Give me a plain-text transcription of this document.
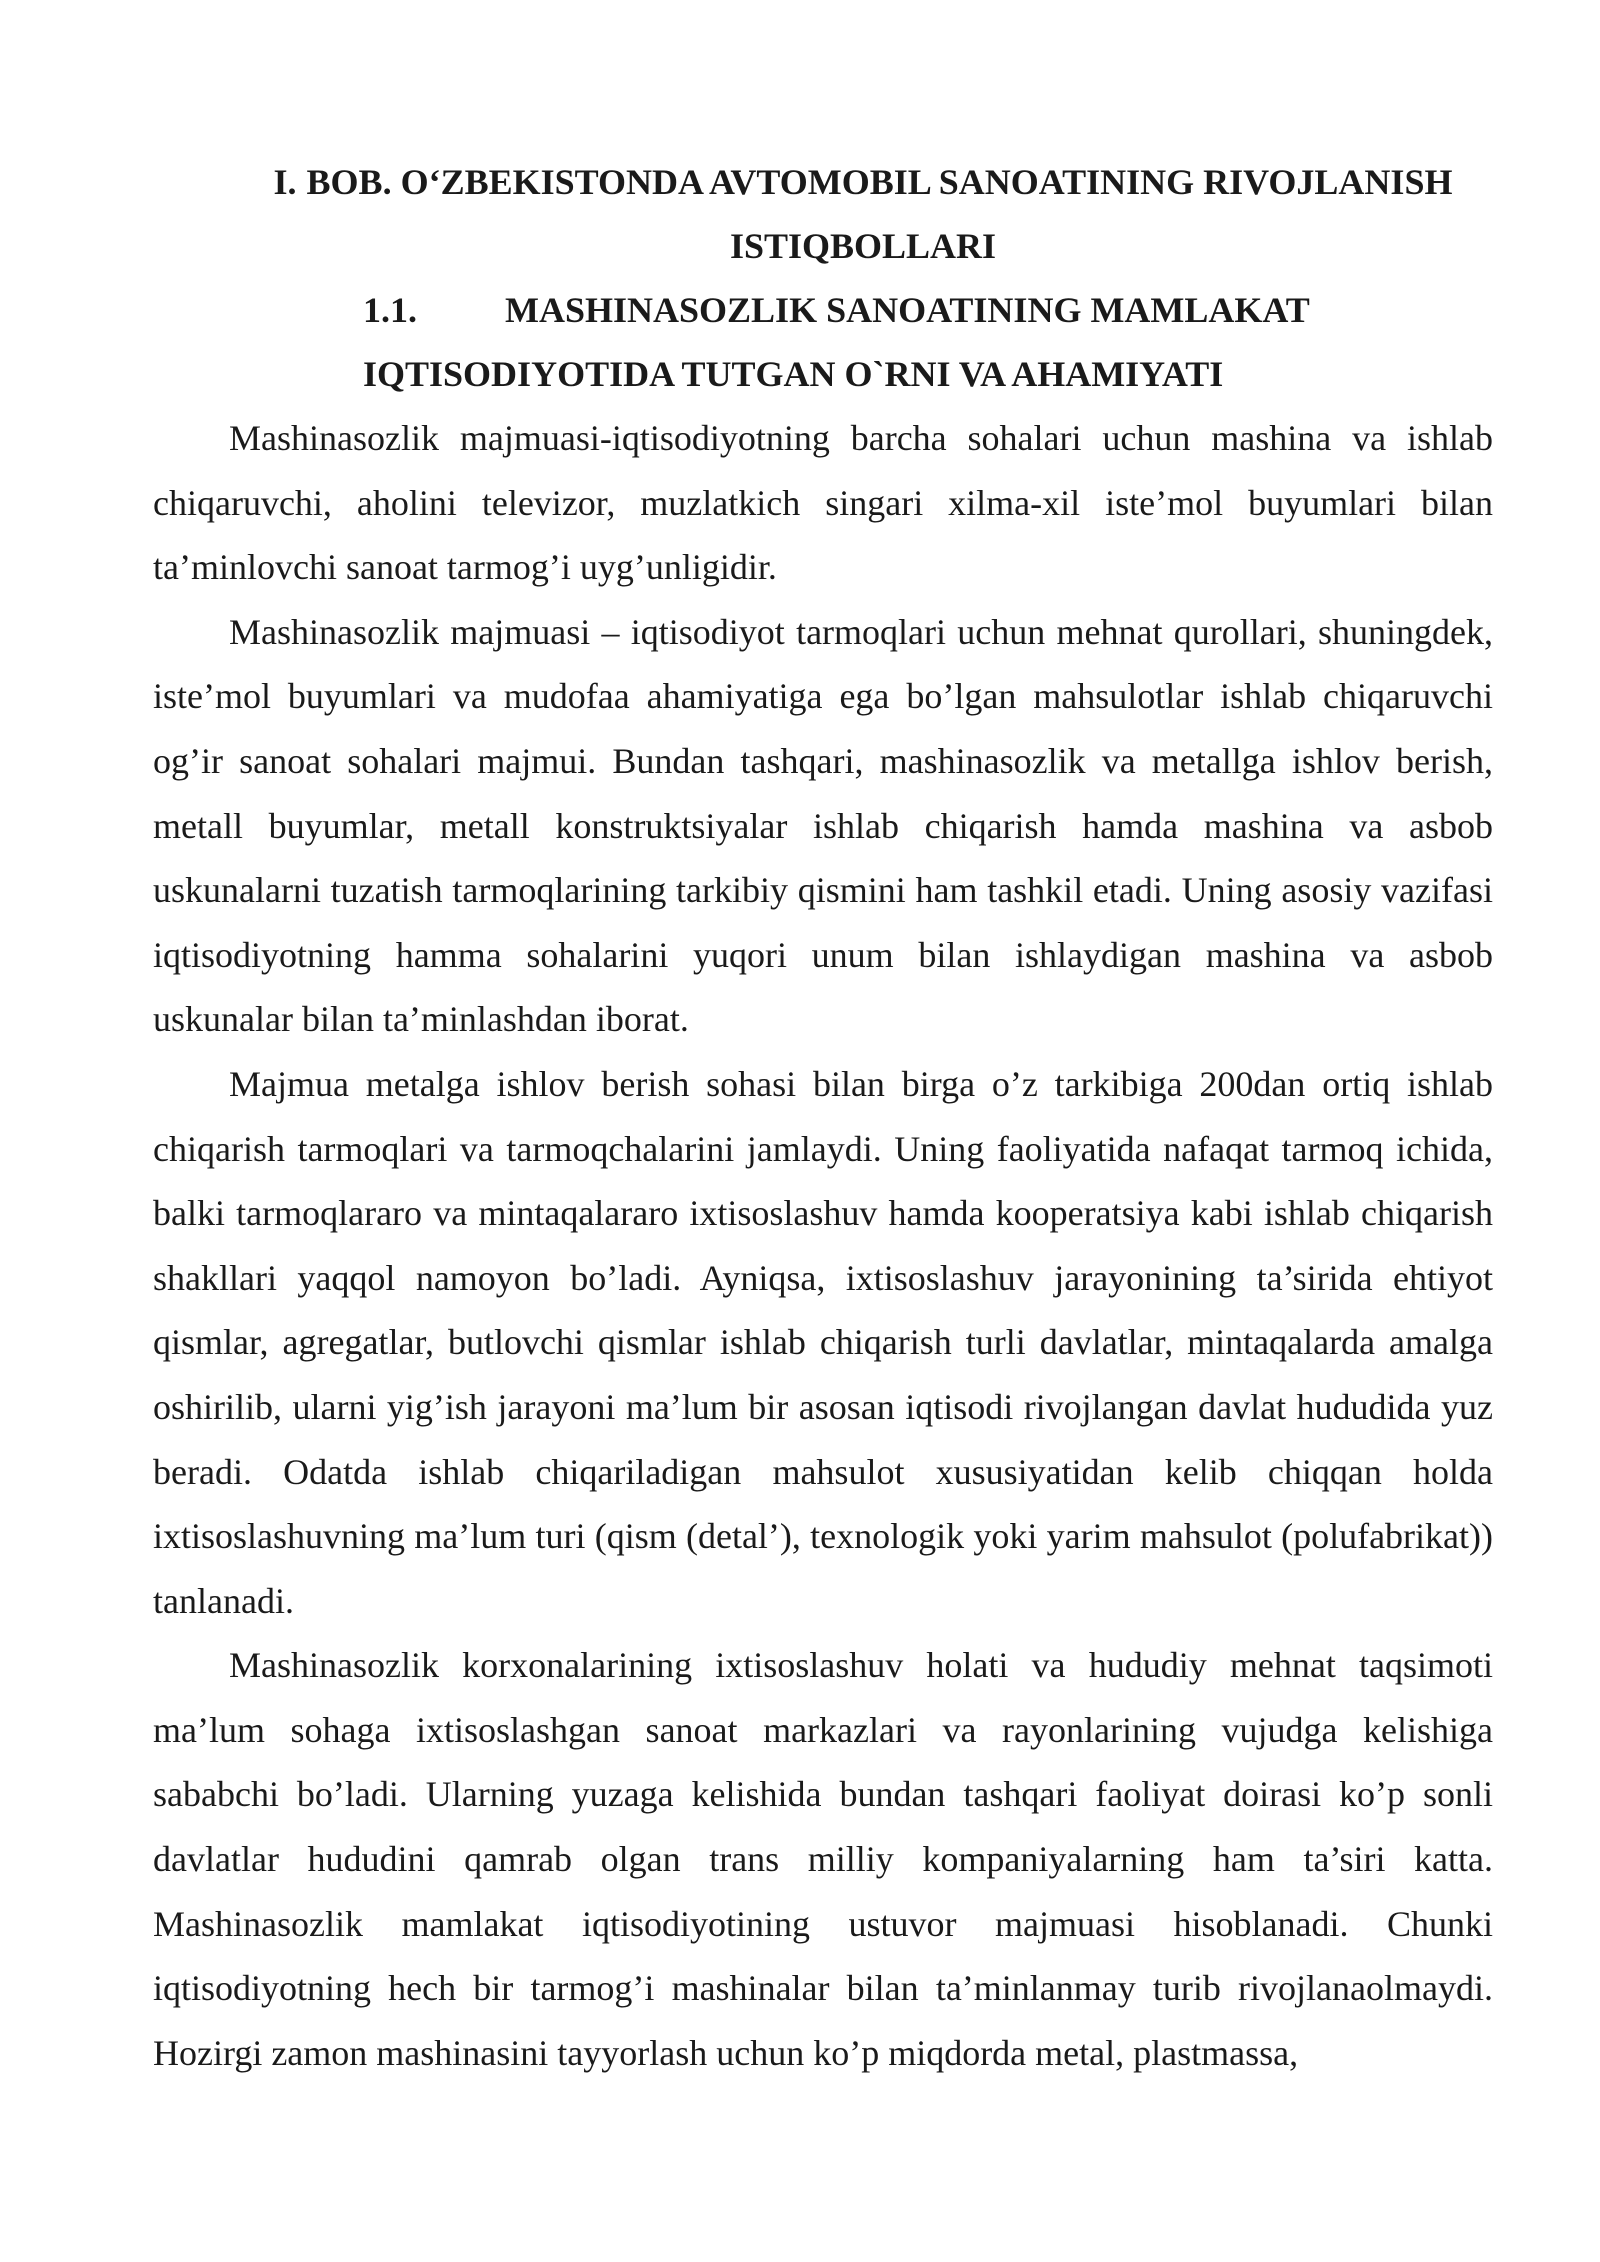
I. BOB. O‘ZBEKISTONDA AVTOMOBIL SANOATINING RIVOJLANISH ISTIQBOLLARI
1.1. MASHINASOZLIK SANOATINING MAMLAKAT
IQTISODIYOTIDA TUTGAN O`RNI VA AHAMIYATI

Mashinasozlik majmuasi-iqtisodiyotning barcha sohalari uchun mashina va ishlab chiqaruvchi, aholini televizor, muzlatkich singari xilma-xil iste’mol buyumlari bilan ta’minlovchi sanoat tarmog’i uyg’unligidir.

Mashinasozlik majmuasi – iqtisodiyot tarmoqlari uchun mehnat qurollari, shuningdek, iste’mol buyumlari va mudofaa ahamiyatiga ega bo’lgan mahsulotlar ishlab chiqaruvchi og’ir sanoat sohalari majmui. Bundan tashqari, mashinasozlik va metallga ishlov berish, metall buyumlar, metall konstruktsiyalar ishlab chiqarish hamda mashina va asbob uskunalarni tuzatish tarmoqlarining tarkibiy qismini ham tashkil etadi. Uning asosiy vazifasi iqtisodiyotning hamma sohalarini yuqori unum bilan ishlaydigan mashina va asbob uskunalar bilan ta’minlashdan iborat.

Majmua metalga ishlov berish sohasi bilan birga o’z tarkibiga 200dan ortiq ishlab chiqarish tarmoqlari va tarmoqchalarini jamlaydi. Uning faoliyatida nafaqat tarmoq ichida, balki tarmoqlararo va mintaqalararo ixtisoslashuv hamda kooperatsiya kabi ishlab chiqarish shakllari yaqqol namoyon bo’ladi. Ayniqsa, ixtisoslashuv jarayonining ta’sirida ehtiyot qismlar, agregatlar, butlovchi qismlar ishlab chiqarish turli davlatlar, mintaqalarda amalga oshirilib, ularni yig’ish jarayoni ma’lum bir asosan iqtisodi rivojlangan davlat hududida yuz beradi. Odatda ishlab chiqariladigan mahsulot xususiyatidan kelib chiqqan holda ixtisoslashuvning ma’lum turi (qism (detal’), texnologik yoki yarim mahsulot (polufabrikat)) tanlanadi.

Mashinasozlik korxonalarining ixtisoslashuv holati va hududiy mehnat taqsimoti ma’lum sohaga ixtisoslashgan sanoat markazlari va rayonlarining vujudga kelishiga sababchi bo’ladi. Ularning yuzaga kelishida bundan tashqari faoliyat doirasi ko’p sonli davlatlar hududini qamrab olgan trans milliy kompaniyalarning ham ta’siri katta. Mashinasozlik mamlakat iqtisodiyotining ustuvor majmuasi hisoblanadi. Chunki iqtisodiyotning hech bir tarmog’i mashinalar bilan ta’minlanmay turib rivojlanaolmaydi. Hozirgi zamon mashinasini tayyorlash uchun ko’p miqdorda metal, plastmassa,
